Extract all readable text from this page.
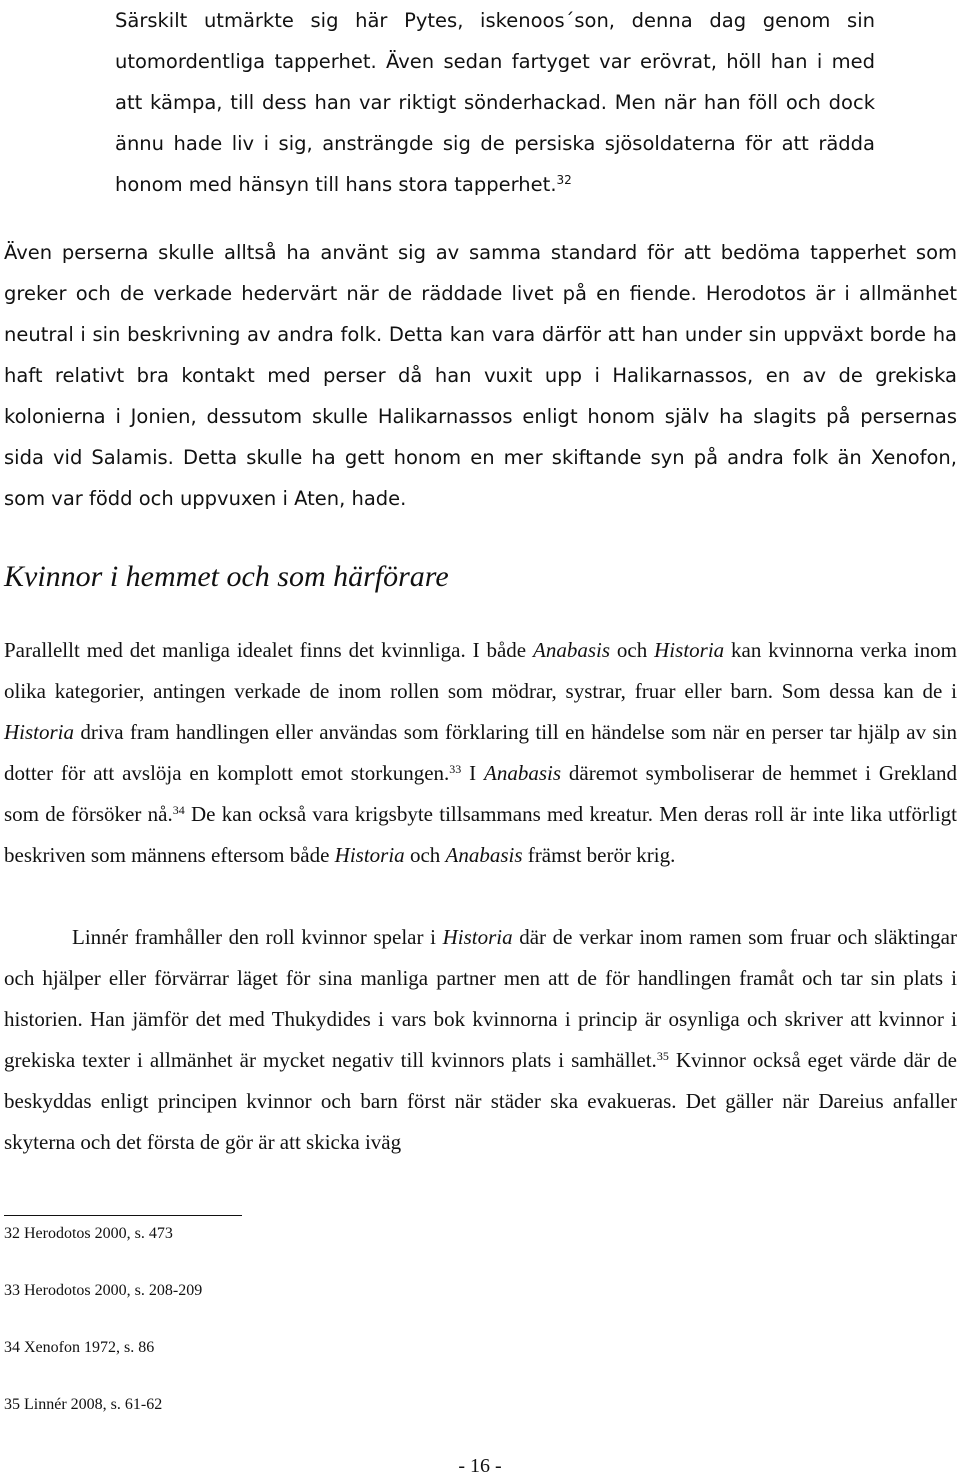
Särskilt utmärkte sig här Pytes, iskenoos´son, denna dag genom sin utomordentliga tapperhet. Även sedan fartyget var erövrat, höll han i med att kämpa, till dess han var riktigt sönderhackad. Men när han föll och dock ännu hade liv i sig, ansträngde sig de persiska sjösoldaterna för att rädda honom med hänsyn till hans stora tapperhet.$^{32}$

Även perserna skulle alltså ha använt sig av samma standard för att bedöma tapperhet som greker och de verkade hedervärt när de räddade livet på en fiende. Herodotos är i allmänhet neutral i sin beskrivning av andra folk. Detta kan vara därför att han under sin uppväxt borde ha haft relativt bra kontakt med perser då han vuxit upp i Halikarnassos, en av de grekiska kolonierna i Jonien, dessutom skulle Halikarnassos enligt honom själv ha slagits på persernas sida vid Salamis. Detta skulle ha gett honom en mer skiftande syn på andra folk än Xenofon, som var född och uppvuxen i Aten, hade.

Kvinnor i hemmet och som härförare

Parallellt med det manliga idealet finns det kvinnliga. I både Anabasis och Historia kan kvinnorna verka inom olika kategorier, antingen verkade de inom rollen som mödrar, systrar, fruar eller barn. Som dessa kan de i Historia driva fram handlingen eller användas som förklaring till en händelse som när en perser tar hjälp av sin dotter för att avslöja en komplott emot storkungen.$^{33}$ I Anabasis däremot symboliserar de hemmet i Grekland som de försöker nå.$^{34}$ De kan också vara krigsbyte tillsammans med kreatur. Men deras roll är inte lika utförligt beskriven som männens eftersom både Historia och Anabasis främst berör krig.

Linnér framhåller den roll kvinnor spelar i Historia där de verkar inom ramen som fruar och släktingar och hjälper eller förvärrar läget för sina manliga partner men att de för handlingen framåt och tar sin plats i historien. Han jämför det med Thukydides i vars bok kvinnorna i princip är osynliga och skriver att kvinnor i grekiska texter i allmänhet är mycket negativ till kvinnors plats i samhället.$^{35}$ Kvinnor också eget värde där de beskyddas enligt principen kvinnor och barn först när städer ska evakueras. Det gäller när Dareius anfaller skyterna och det första de gör är att skicka iväg

32 Herodotos 2000, s. 473

33 Herodotos 2000, s. 208-209

34 Xenofon 1972, s. 86

35 Linnér 2008, s. 61-62

- 16 -
